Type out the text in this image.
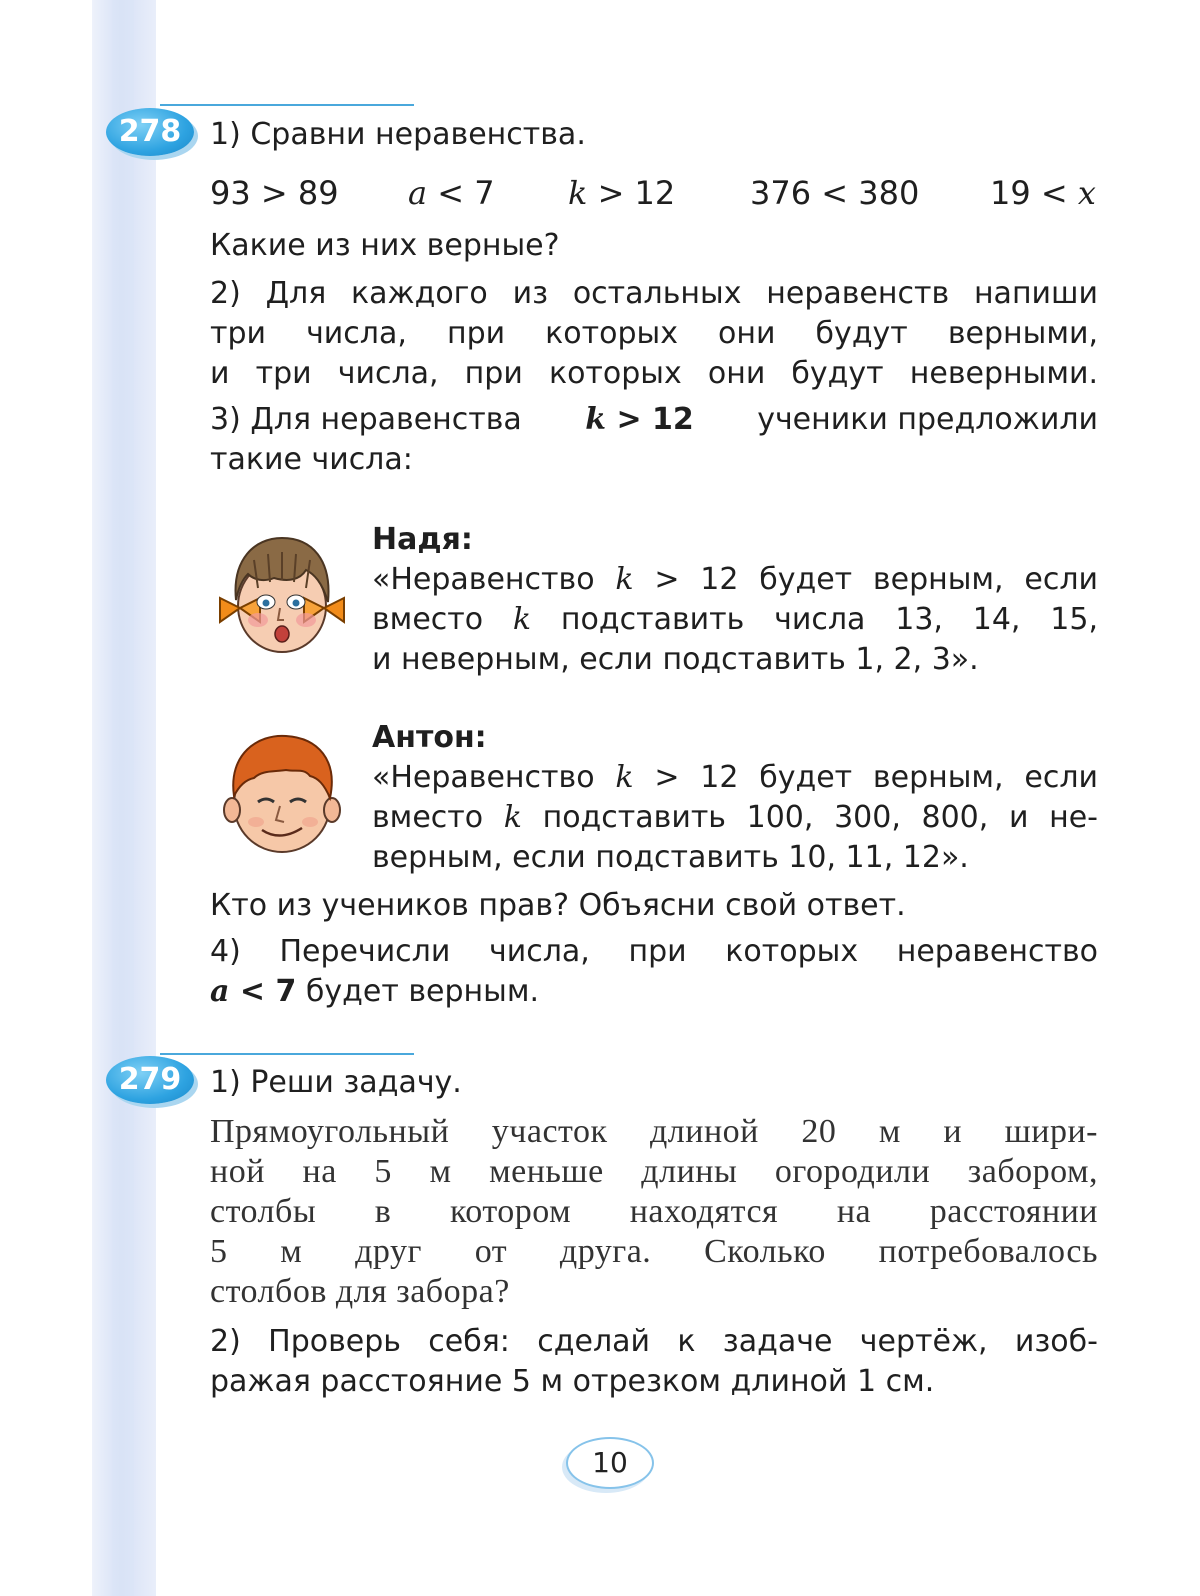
278 1) Сравни неравенства.
93 > 89 a < 7 k > 12 376 < 380 19 < x
Какие из них верные?
2) Для каждого из остальных неравенств напиши
три числа, при которых они будут верными,
и три числа, при которых они будут неверными.
3) Для неравенства k > 12 ученики предложили
такие числа:
Надя:
«Неравенство k > 12 будет верным, если
вместо k подставить числа 13, 14, 15,
и неверным, если подставить 1, 2, 3».
Антон:
«Неравенство k > 12 будет верным, если
вместо k подставить 100, 300, 800, и не-
верным, если подставить 10, 11, 12».
Кто из учеников прав? Объясни свой ответ.
4) Перечисли числа, при которых неравенство
a < 7 будет верным.
279 1) Реши задачу.
Прямоугольный участок длиной 20 м и шири-
ной на 5 м меньше длины огородили забором,
столбы в котором находятся на расстоянии
5 м друг от друга. Сколько потребовалось
столбов для забора?
2) Проверь себя: сделай к задаче чертёж, изоб-
ражая расстояние 5 м отрезком длиной 1 см.
10
